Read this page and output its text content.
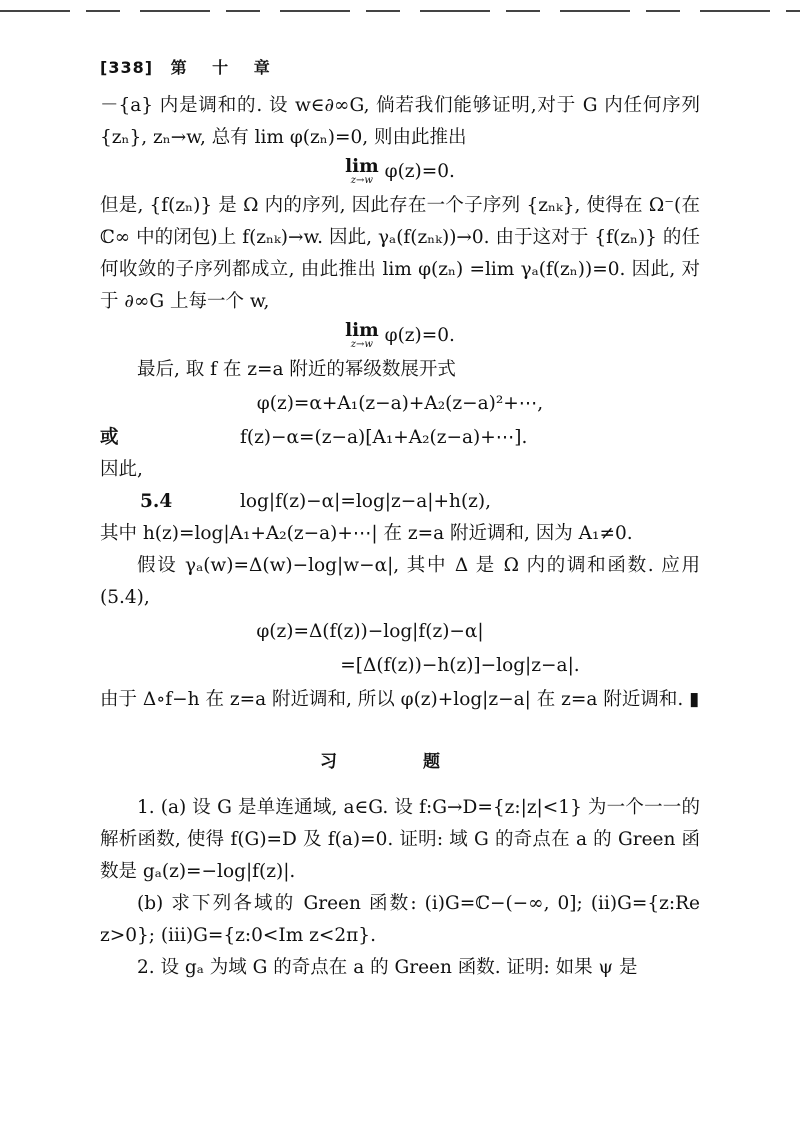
[338] 第 十 章
－{a} 内是调和的. 设 w∈∂∞G, 倘若我们能够证明,对于 G 内任何序列 {zₙ}, zₙ→w, 总有 lim φ(zₙ)=0, 则由此推出
lim
z→w φ(z)=0.
但是, {f(zₙ)} 是 Ω 内的序列, 因此存在一个子序列 {zₙₖ}, 使得在 Ω⁻(在 ℂ∞ 中的闭包)上 f(zₙₖ)→w. 因此, γₐ(f(zₙₖ))→0. 由于这对于 {f(zₙ)} 的任何收敛的子序列都成立, 由此推出 lim φ(zₙ) =lim γₐ(f(zₙ))=0. 因此, 对于 ∂∞G 上每一个 w,
lim
z→w φ(z)=0.
最后, 取 f 在 z=a 附近的幂级数展开式
φ(z)=α+A₁(z−a)+A₂(z−a)²+⋯,
或	f(z)−α=(z−a)[A₁+A₂(z−a)+⋯].
因此,
5.4	log|f(z)−α|=log|z−a|+h(z),
其中 h(z)=log|A₁+A₂(z−a)+⋯| 在 z=a 附近调和, 因为 A₁≠0.
假设 γₐ(w)=Δ(w)−log|w−α|, 其中 Δ 是 Ω 内的调和函数. 应用(5.4),
φ(z)=Δ(f(z))−log|f(z)−α|
=[Δ(f(z))−h(z)]−log|z−a|.
由于 Δ∘f−h 在 z=a 附近调和, 所以 φ(z)+log|z−a| 在 z=a 附近调和. ▮
习 题
1. (a) 设 G 是单连通域, a∈G. 设 f:G→D={z:|z|<1} 为一个一一的解析函数, 使得 f(G)=D 及 f(a)=0. 证明: 域 G 的奇点在 a 的 Green 函数是 gₐ(z)=−log|f(z)|.
(b) 求下列各域的 Green 函数: (i)G=ℂ−(−∞, 0]; (ii)G={z:Re z>0}; (iii)G={z:0<Im z<2π}.
2. 设 gₐ 为域 G 的奇点在 a 的 Green 函数. 证明: 如果 ψ 是
